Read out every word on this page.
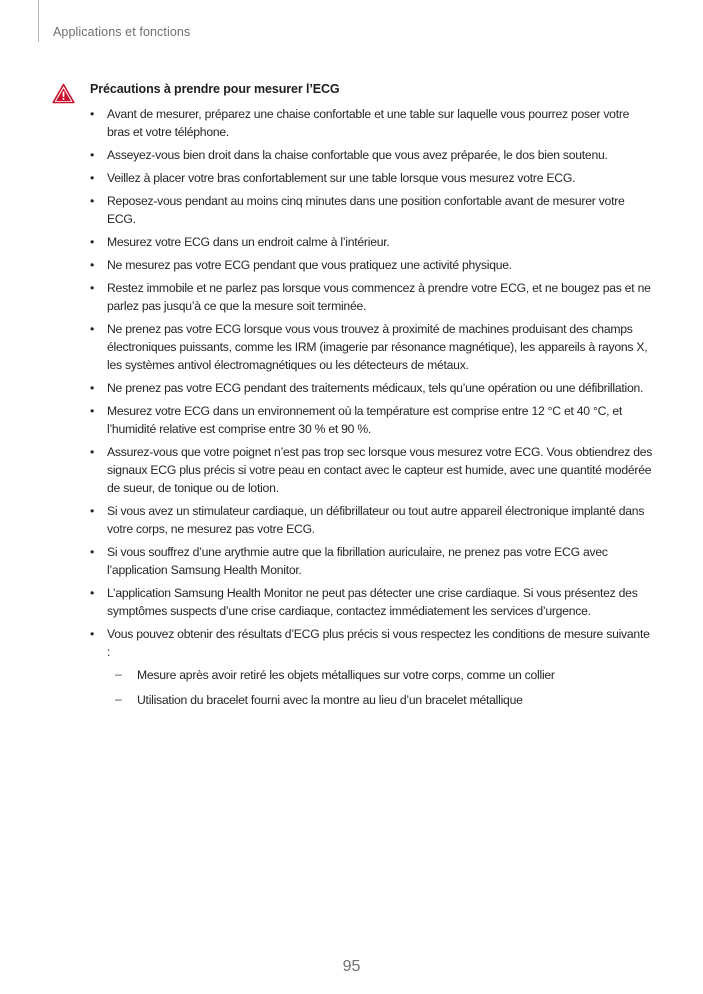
Applications et fonctions
Précautions à prendre pour mesurer l’ECG
• Avant de mesurer, préparez une chaise confortable et une table sur laquelle vous pourrez poser votre bras et votre téléphone.
• Asseyez-vous bien droit dans la chaise confortable que vous avez préparée, le dos bien soutenu.
• Veillez à placer votre bras confortablement sur une table lorsque vous mesurez votre ECG.
• Reposez-vous pendant au moins cinq minutes dans une position confortable avant de mesurer votre ECG.
• Mesurez votre ECG dans un endroit calme à l’intérieur.
• Ne mesurez pas votre ECG pendant que vous pratiquez une activité physique.
• Restez immobile et ne parlez pas lorsque vous commencez à prendre votre ECG, et ne bougez pas et ne parlez pas jusqu’à ce que la mesure soit terminée.
• Ne prenez pas votre ECG lorsque vous vous trouvez à proximité de machines produisant des champs électroniques puissants, comme les IRM (imagerie par résonance magnétique), les appareils à rayons X, les systèmes antivol électromagnétiques ou les détecteurs de métaux.
• Ne prenez pas votre ECG pendant des traitements médicaux, tels qu’une opération ou une défibrillation.
• Mesurez votre ECG dans un environnement où la température est comprise entre 12 °C et 40 °C, et l’humidité relative est comprise entre 30 % et 90 %.
• Assurez-vous que votre poignet n’est pas trop sec lorsque vous mesurez votre ECG. Vous obtiendrez des signaux ECG plus précis si votre peau en contact avec le capteur est humide, avec une quantité modérée de sueur, de tonique ou de lotion.
• Si vous avez un stimulateur cardiaque, un défibrillateur ou tout autre appareil électronique implanté dans votre corps, ne mesurez pas votre ECG.
• Si vous souffrez d’une arythmie autre que la fibrillation auriculaire, ne prenez pas votre ECG avec l’application Samsung Health Monitor.
• L’application Samsung Health Monitor ne peut pas détecter une crise cardiaque. Si vous présentez des symptômes suspects d’une crise cardiaque, contactez immédiatement les services d’urgence.
• Vous pouvez obtenir des résultats d’ECG plus précis si vous respectez les conditions de mesure suivante :
– Mesure après avoir retiré les objets métalliques sur votre corps, comme un collier
– Utilisation du bracelet fourni avec la montre au lieu d’un bracelet métallique
95
